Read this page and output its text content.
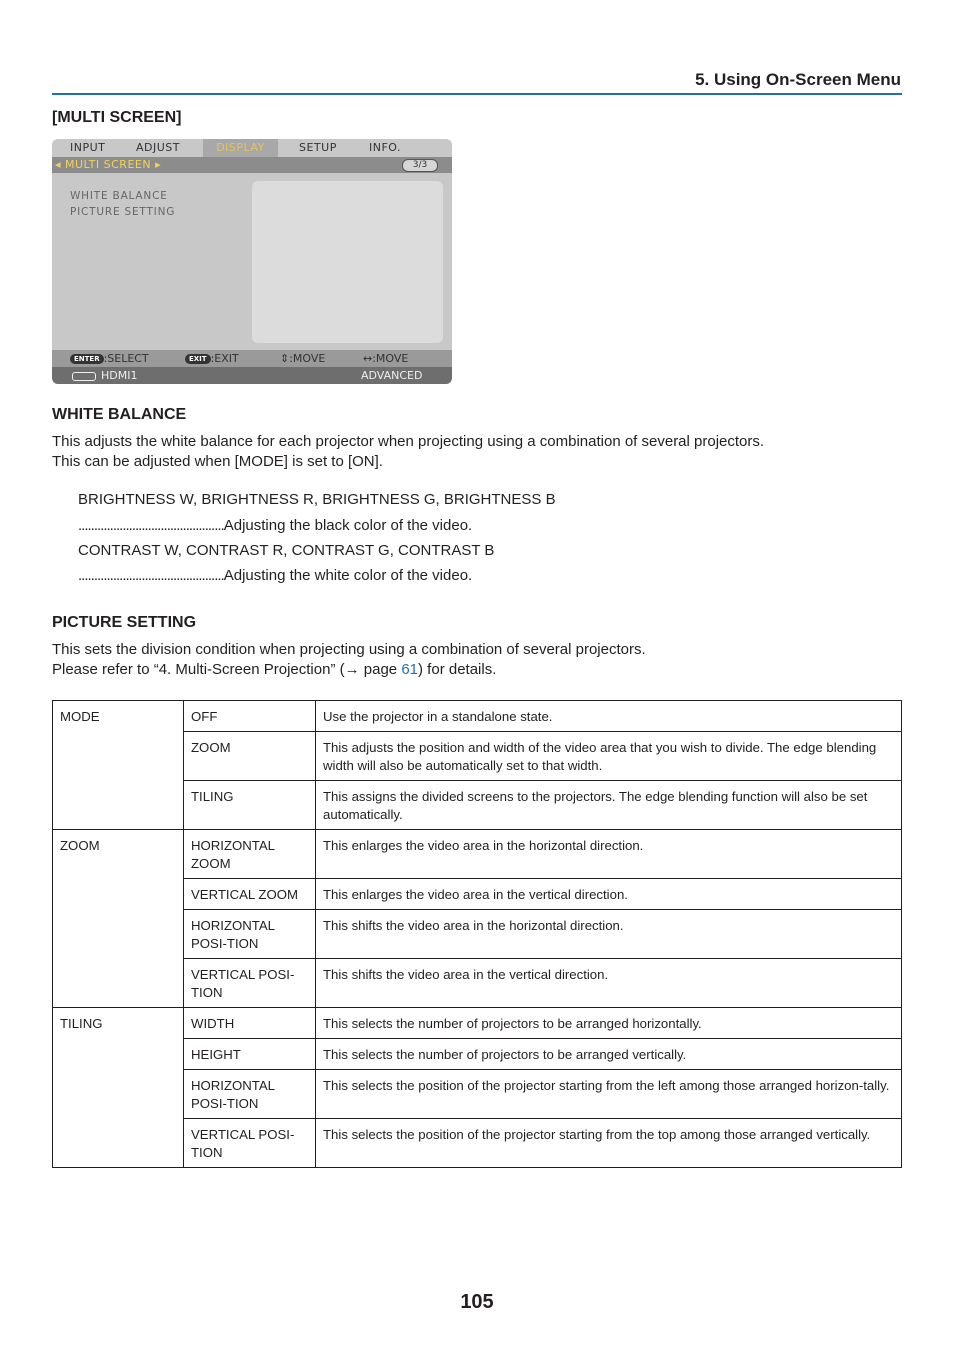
5. Using On-Screen Menu
[MULTI SCREEN]
INPUT	ADJUST	DISPLAY	SETUP	INFO.
◂ MULTI SCREEN ▸	3/3
WHITE BALANCE
PICTURE SETTING
ENTER :SELECT	EXIT :EXIT	⇕:MOVE	↔:MOVE
HDMI1	ADVANCED
WHITE BALANCE
This adjusts the white balance for each projector when projecting using a combination of several projectors.
This can be adjusted when [MODE] is set to [ON].
BRIGHTNESS W, BRIGHTNESS R, BRIGHTNESS G, BRIGHTNESS B
.............................................. Adjusting the black color of the video.
CONTRAST W, CONTRAST R, CONTRAST G, CONTRAST B
.............................................. Adjusting the white color of the video.
PICTURE SETTING
This sets the division condition when projecting using a combination of several projectors.
Please refer to “4. Multi-Screen Projection” (→ page 61) for details.
MODE	OFF	Use the projector in a standalone state.
	ZOOM	This adjusts the position and width of the video area that you wish to divide. The edge blending width will also be automatically set to that width.
	TILING	This assigns the divided screens to the projectors. The edge blending function will also be set automatically.
ZOOM	HORIZONTAL ZOOM	This enlarges the video area in the horizontal direction.
	VERTICAL ZOOM	This enlarges the video area in the vertical direction.
	HORIZONTAL POSI-TION	This shifts the video area in the horizontal direction.
	VERTICAL POSI-TION	This shifts the video area in the vertical direction.
TILING	WIDTH	This selects the number of projectors to be arranged horizontally.
	HEIGHT	This selects the number of projectors to be arranged vertically.
	HORIZONTAL POSI-TION	This selects the position of the projector starting from the left among those arranged horizon-tally.
	VERTICAL POSI-TION	This selects the position of the projector starting from the top among those arranged vertically.
105
